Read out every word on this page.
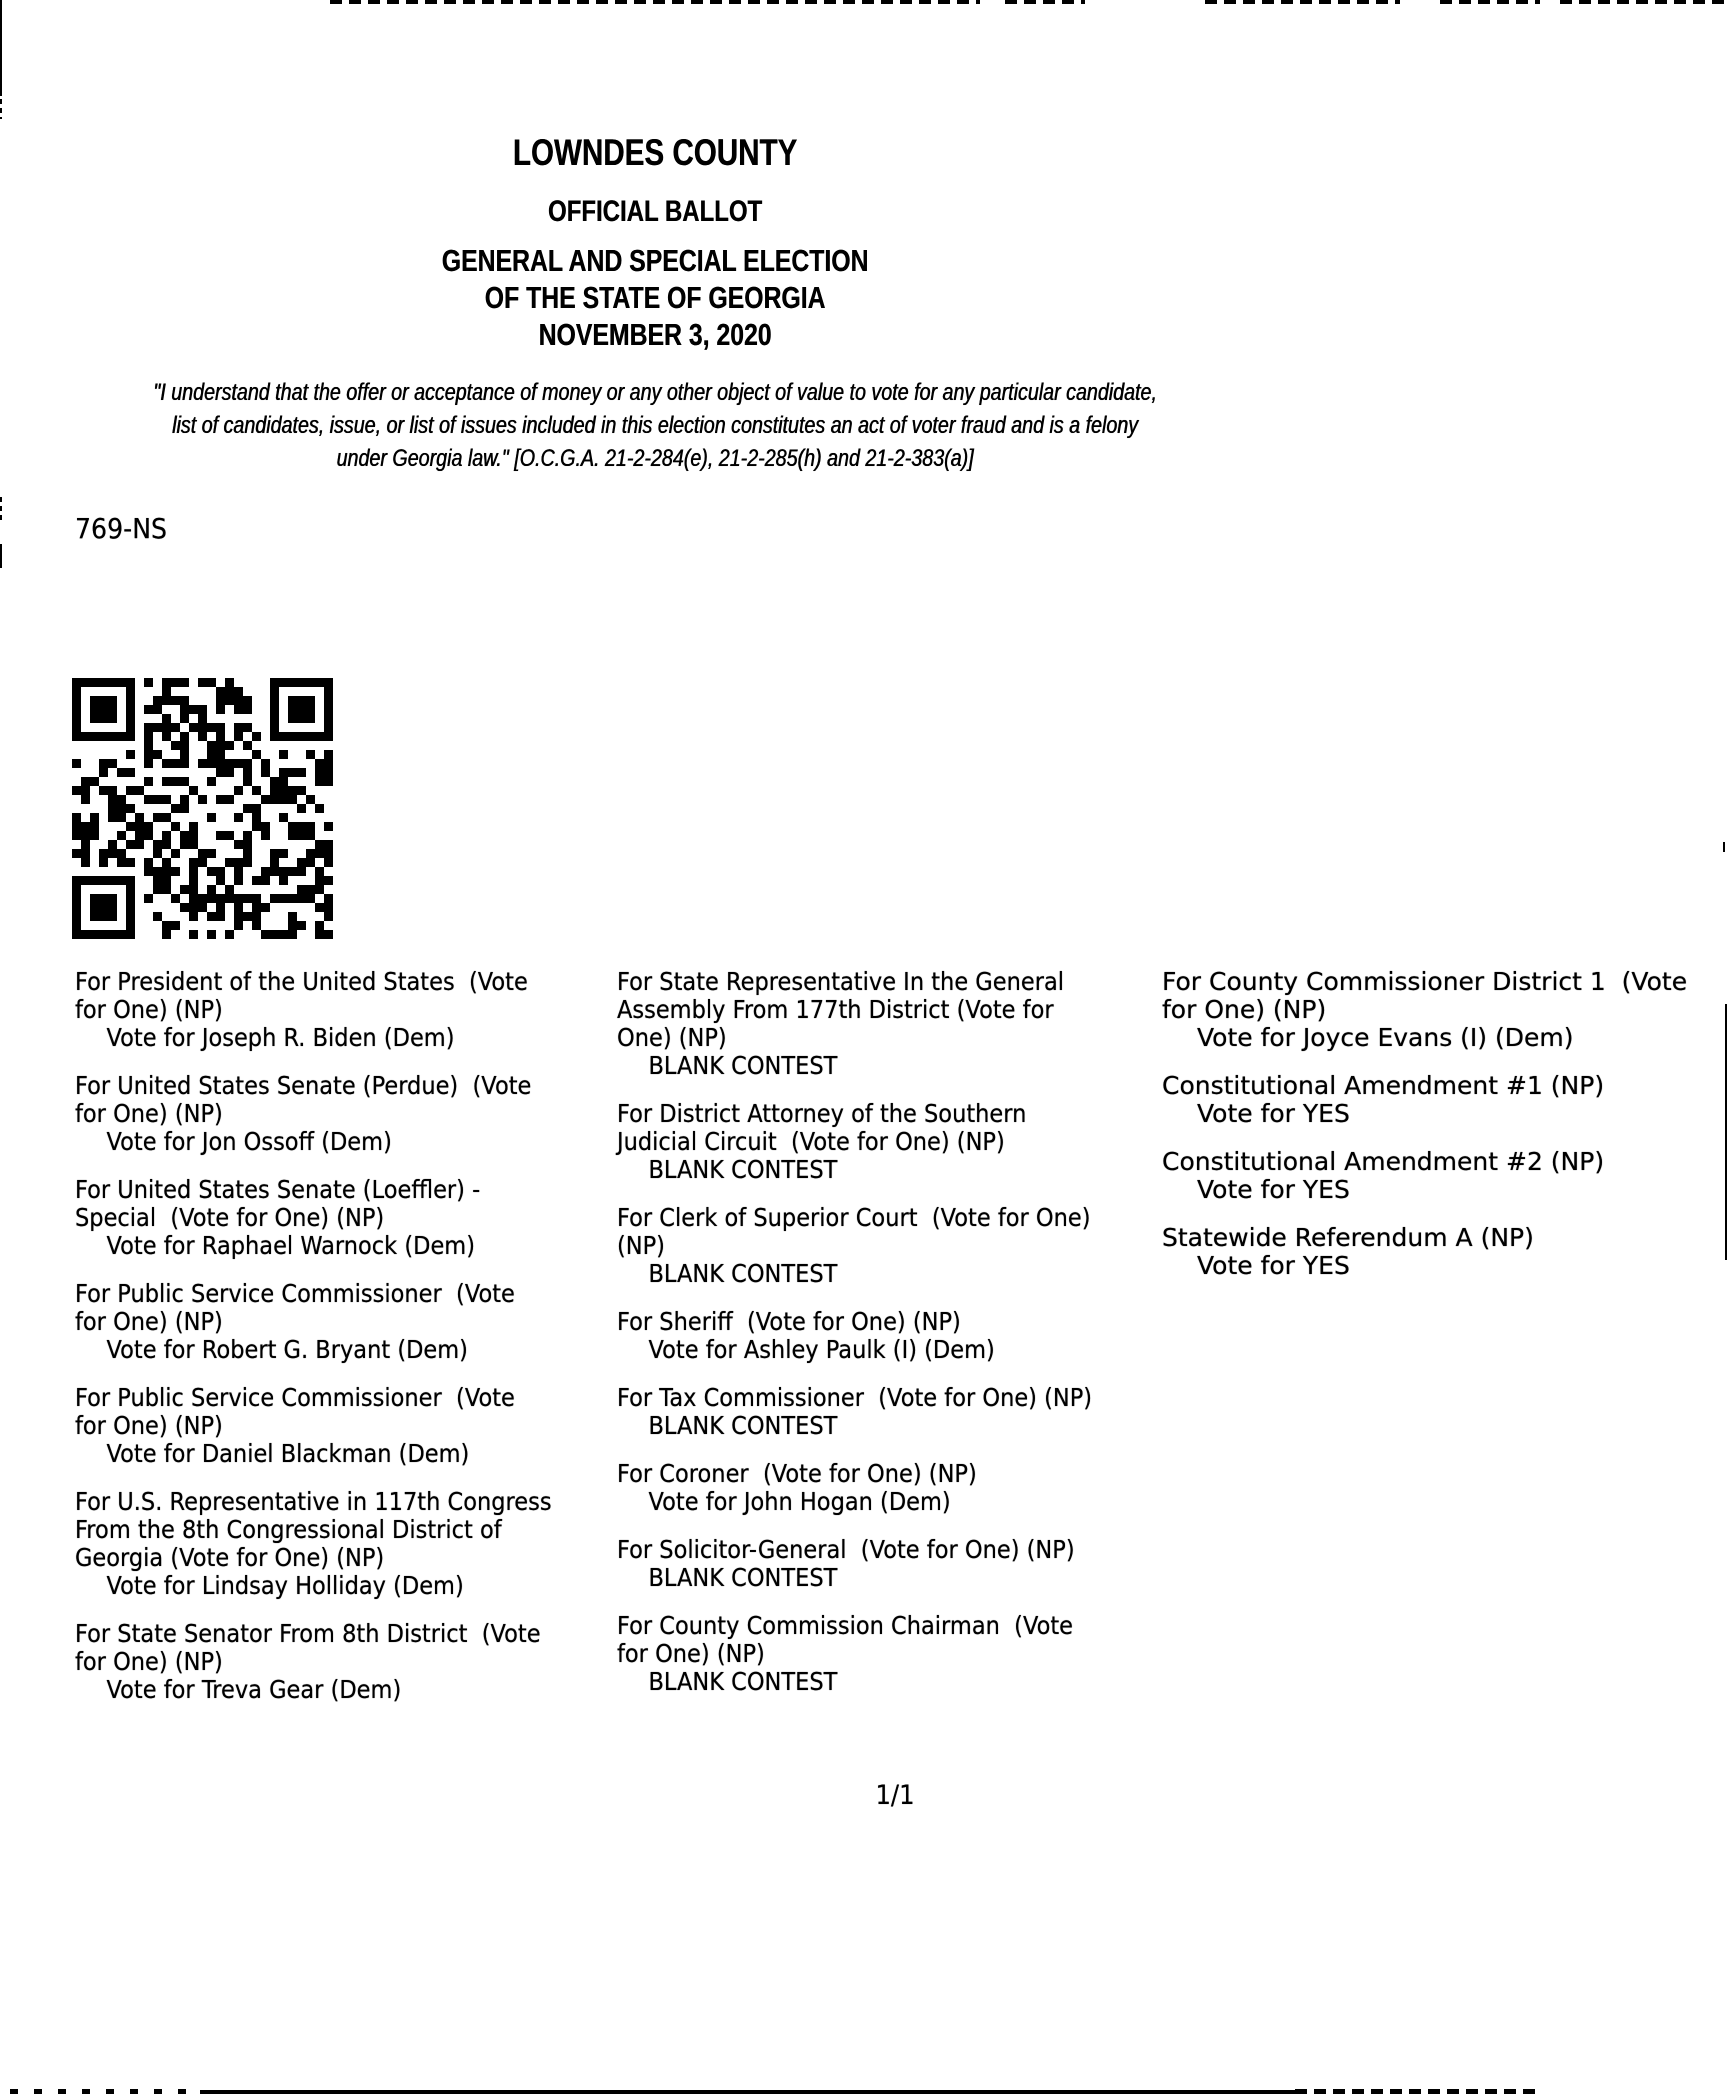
LOWNDES COUNTY
OFFICIAL BALLOT
GENERAL AND SPECIAL ELECTION
OF THE STATE OF GEORGIA
NOVEMBER 3, 2020
"I understand that the offer or acceptance of money or any other object of value to vote for any particular candidate,
list of candidates, issue, or list of issues included in this election constitutes an act of voter fraud and is a felony
under Georgia law." [O.C.G.A. 21-2-284(e), 21-2-285(h) and 21-2-383(a)]
769-NS
For President of the United States  (Vote
for One) (NP)
Vote for Joseph R. Biden (Dem)
For United States Senate (Perdue)  (Vote
for One) (NP)
Vote for Jon Ossoff (Dem)
For United States Senate (Loeffler) -
Special  (Vote for One) (NP)
Vote for Raphael Warnock (Dem)
For Public Service Commissioner  (Vote
for One) (NP)
Vote for Robert G. Bryant (Dem)
For Public Service Commissioner  (Vote
for One) (NP)
Vote for Daniel Blackman (Dem)
For U.S. Representative in 117th Congress
From the 8th Congressional District of
Georgia (Vote for One) (NP)
Vote for Lindsay Holliday (Dem)
For State Senator From 8th District  (Vote
for One) (NP)
Vote for Treva Gear (Dem)
For State Representative In the General
Assembly From 177th District (Vote for
One) (NP)
BLANK CONTEST
For District Attorney of the Southern
Judicial Circuit  (Vote for One) (NP)
BLANK CONTEST
For Clerk of Superior Court  (Vote for One)
(NP)
BLANK CONTEST
For Sheriff  (Vote for One) (NP)
Vote for Ashley Paulk (I) (Dem)
For Tax Commissioner  (Vote for One) (NP)
BLANK CONTEST
For Coroner  (Vote for One) (NP)
Vote for John Hogan (Dem)
For Solicitor-General  (Vote for One) (NP)
BLANK CONTEST
For County Commission Chairman  (Vote
for One) (NP)
BLANK CONTEST
For County Commissioner District 1  (Vote
for One) (NP)
Vote for Joyce Evans (I) (Dem)
Constitutional Amendment #1 (NP)
Vote for YES
Constitutional Amendment #2 (NP)
Vote for YES
Statewide Referendum A (NP)
Vote for YES
1/1
